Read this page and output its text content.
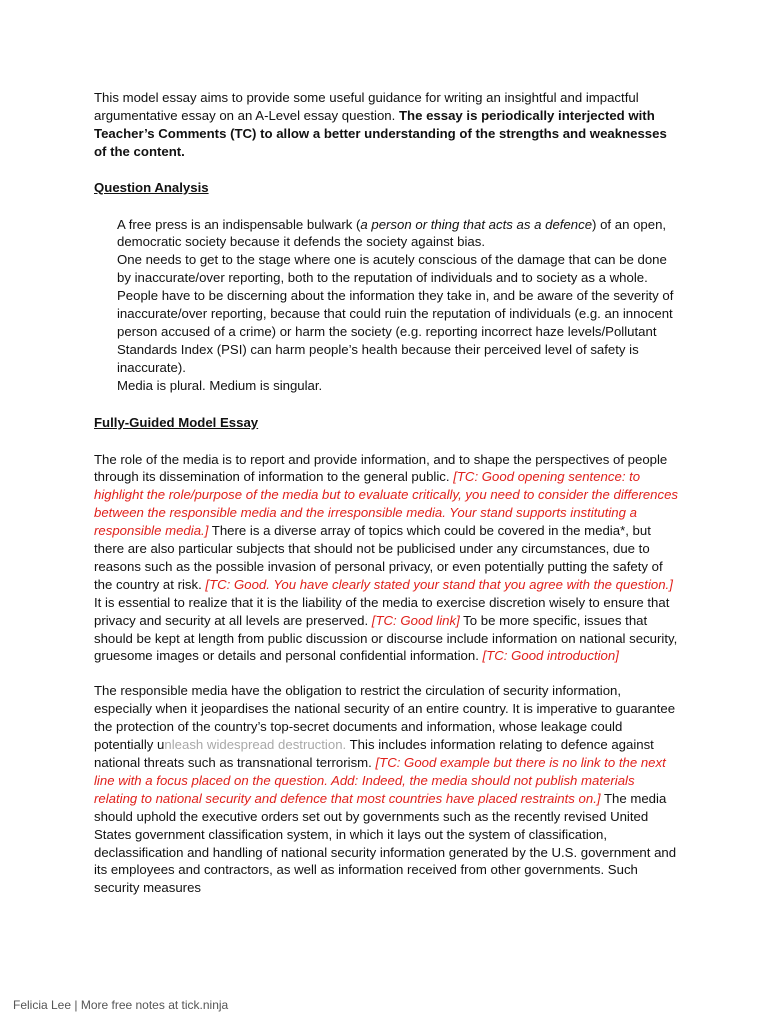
This model essay aims to provide some useful guidance for writing an insightful and impactful argumentative essay on an A-Level essay question. The essay is periodically interjected with Teacher’s Comments (TC) to allow a better understanding of the strengths and weaknesses of the content.

Question Analysis

A free press is an indispensable bulwark (a person or thing that acts as a defence) of an open, democratic society because it defends the society against bias.

One needs to get to the stage where one is acutely conscious of the damage that can be done by inaccurate/over reporting, both to the reputation of individuals and to society as a whole.

People have to be discerning about the information they take in, and be aware of the severity of inaccurate/over reporting, because that could ruin the reputation of individuals (e.g. an innocent person accused of a crime) or harm the society (e.g. reporting incorrect haze levels/Pollutant Standards Index (PSI) can harm people’s health because their perceived level of safety is inaccurate).

Media is plural. Medium is singular.

Fully-Guided Model Essay

The role of the media is to report and provide information, and to shape the perspectives of people through its dissemination of information to the general public. [TC: Good opening sentence: to highlight the role/purpose of the media but to evaluate critically, you need to consider the differences between the responsible media and the irresponsible media. Your stand supports instituting a responsible media.] There is a diverse array of topics which could be covered in the media*, but there are also particular subjects that should not be publicised under any circumstances, due to reasons such as the possible invasion of personal privacy, or even potentially putting the safety of the country at risk. [TC: Good. You have clearly stated your stand that you agree with the question.] It is essential to realize that it is the liability of the media to exercise discretion wisely to ensure that privacy and security at all levels are preserved. [TC: Good link] To be more specific, issues that should be kept at length from public discussion or discourse include information on national security, gruesome images or details and personal confidential information. [TC: Good introduction]

The responsible media have the obligation to restrict the circulation of security information, especially when it jeopardises the national security of an entire country. It is imperative to guarantee the protection of the country’s top-secret documents and information, whose leakage could potentially unleash widespread destruction. This includes information relating to defence against national threats such as transnational terrorism. [TC: Good example but there is no link to the next line with a focus placed on the question. Add: Indeed, the media should not publish materials relating to national security and defence that most countries have placed restraints on.] The media should uphold the executive orders set out by governments such as the recently revised United States government classification system, in which it lays out the system of classification, declassification and handling of national security information generated by the U.S. government and its employees and contractors, as well as information received from other governments. Such security measures

Felicia Lee | More free notes at tick.ninja
